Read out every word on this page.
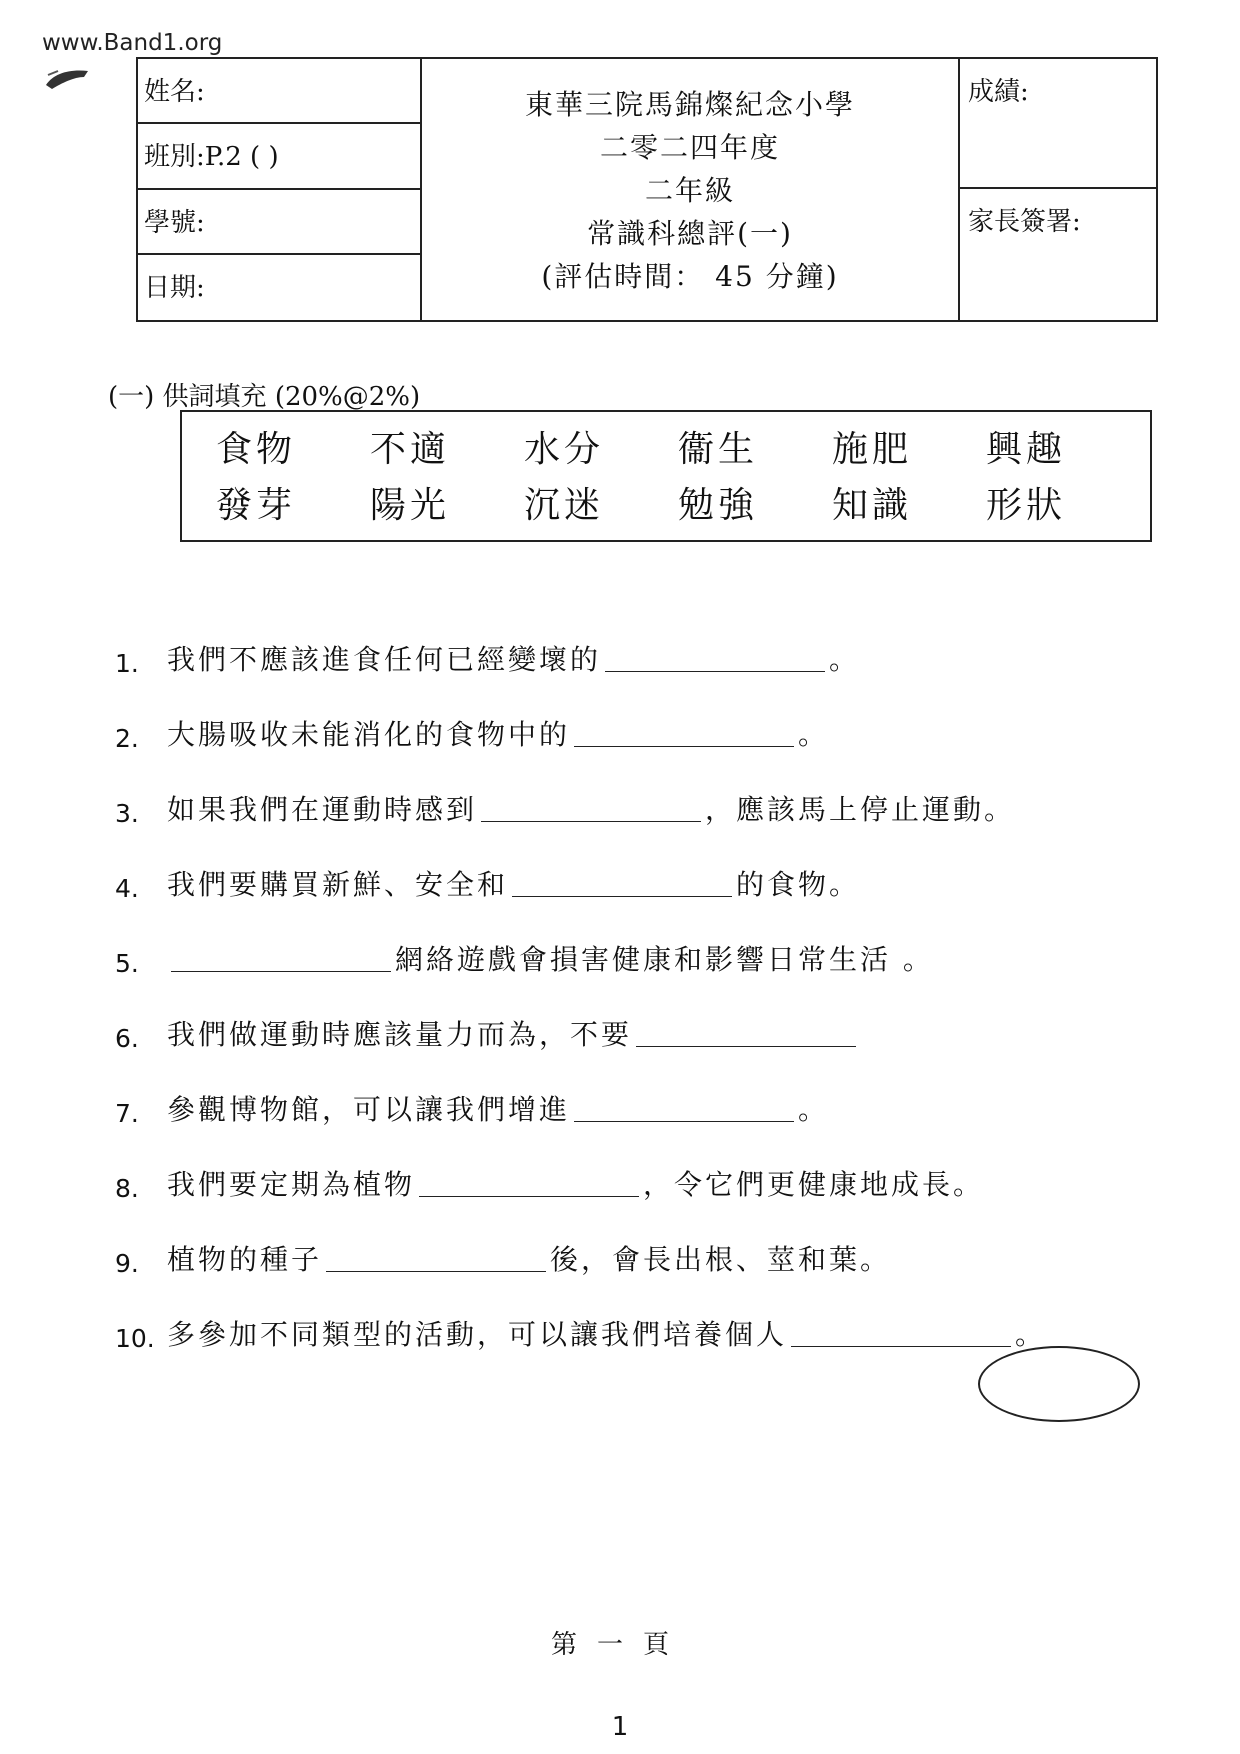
www.Band1.org
姓名:
班別:P.2 ( )
學號:
日期:
東華三院馬錦燦紀念小學
二零二四年度
二年級
常識科總評(一)
(評估時間： 45 分鐘)
成績:
家長簽署:
(一) 供詞填充 (20%@2%)
食物	不適	水分	衞生	施肥	興趣
發芽	陽光	沉迷	勉強	知識	形狀
1.	我們不應該進食任何已經變壞的	。
2.	大腸吸收未能消化的食物中的	。
3.	如果我們在運動時感到	，應該馬上停止運動。
4.	我們要購買新鮮、安全和	的食物。
5.	網絡遊戲會損害健康和影響日常生活 。
6.	我們做運動時應該量力而為，不要
7.	參觀博物館，可以讓我們增進	。
8.	我們要定期為植物	，令它們更健康地成長。
9.	植物的種子	後，會長出根、莖和葉。
10. 多參加不同類型的活動，可以讓我們培養個人	。
第一頁
1
